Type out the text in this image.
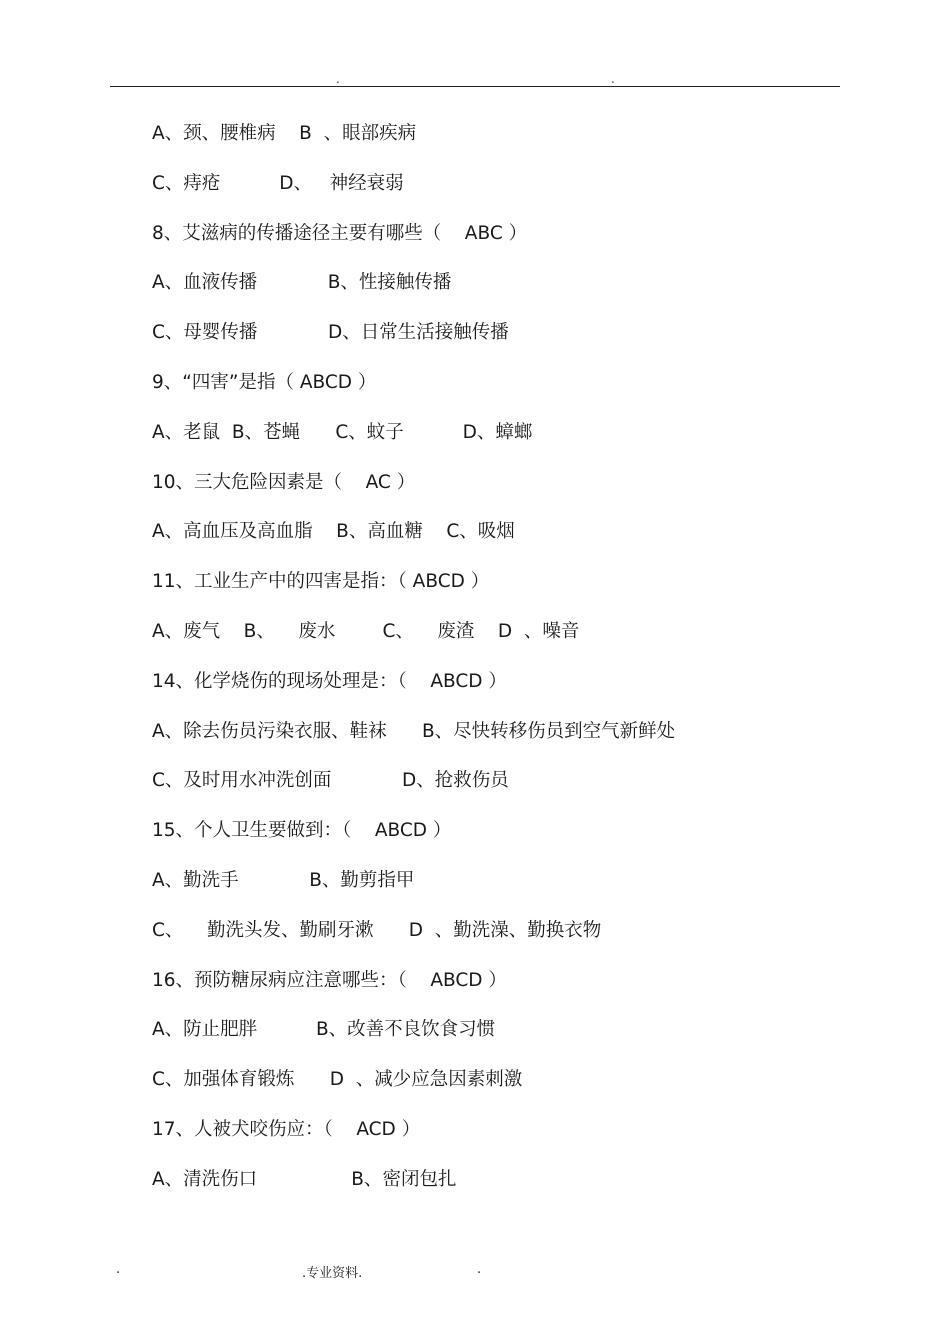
.	.
A、颈、腰椎病    B  、眼部疾病
C、痔疮          D、   神经衰弱
8、艾滋病的传播途径主要有哪些（    ABC ）
A、血液传播            B、性接触传播
C、母婴传播            D、日常生活接触传播
9、“四害”是指（ ABCD ）
A、老鼠  B、苍蝇      C、蚊子          D、蟑螂
10、三大危险因素是（    AC ）
A、高血压及高血脂    B、高血糖    C、吸烟
11、工业生产中的四害是指：（ ABCD ）
A、废气    B、    废水        C、    废渣    D  、噪音
14、化学烧伤的现场处理是：（    ABCD ）
A、除去伤员污染衣服、鞋袜      B、尽快转移伤员到空气新鲜处
C、及时用水冲洗创面            D、抢救伤员
15、个人卫生要做到：（    ABCD ）
A、勤洗手            B、勤剪指甲
C、    勤洗头发、勤刷牙漱      D  、勤洗澡、勤换衣物
16、预防糖尿病应注意哪些：（    ABCD ）
A、防止肥胖          B、改善不良饮食习惯
C、加强体育锻炼      D  、减少应急因素刺激
17、人被犬咬伤应：（    ACD ）
A、清洗伤口                B、密闭包扎
.	.专业资料.	.
